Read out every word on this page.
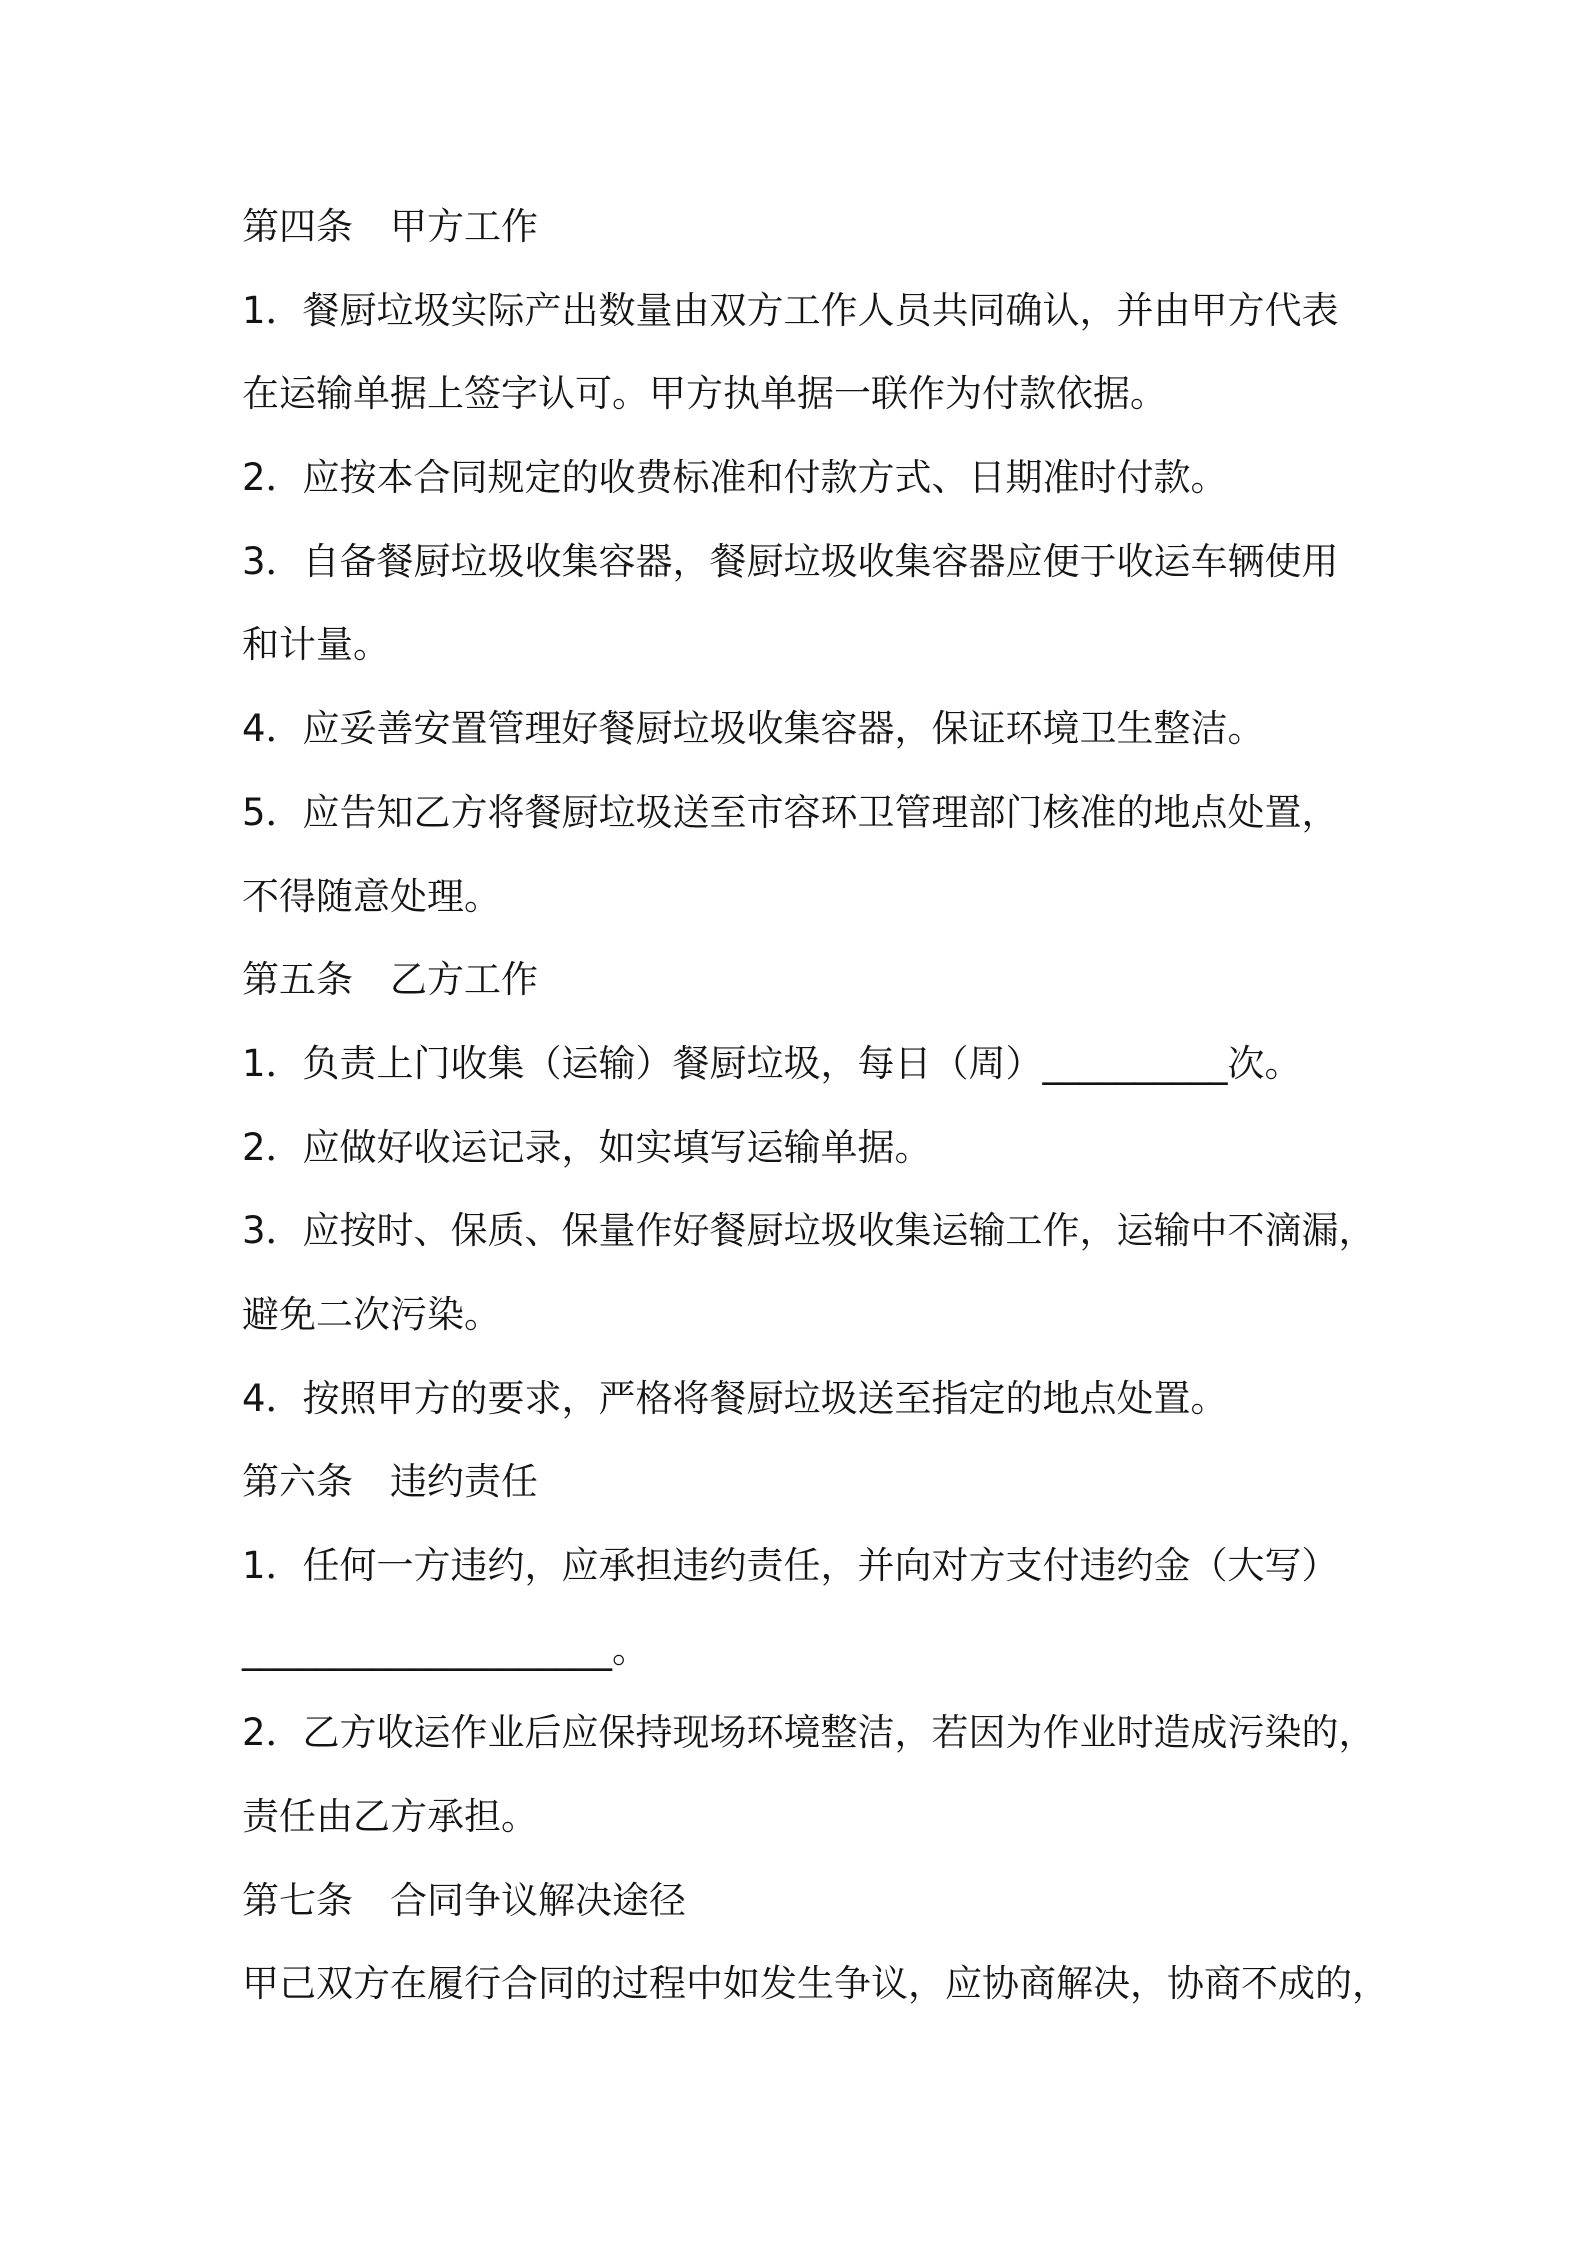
第四条　甲方工作
1．餐厨垃圾实际产出数量由双方工作人员共同确认，并由甲方代表
在运输单据上签字认可。甲方执单据一联作为付款依据。
2．应按本合同规定的收费标准和付款方式、日期准时付款。
3．自备餐厨垃圾收集容器，餐厨垃圾收集容器应便于收运车辆使用
和计量。
4．应妥善安置管理好餐厨垃圾收集容器，保证环境卫生整洁。
5．应告知乙方将餐厨垃圾送至市容环卫管理部门核准的地点处置，
不得随意处理。
第五条　乙方工作
1．负责上门收集（运输）餐厨垃圾，每日（周）__________次。
2．应做好收运记录，如实填写运输单据。
3．应按时、保质、保量作好餐厨垃圾收集运输工作，运输中不滴漏，
避免二次污染。
4．按照甲方的要求，严格将餐厨垃圾送至指定的地点处置。
第六条　违约责任
1．任何一方违约，应承担违约责任，并向对方支付违约金（大写）
____________________。
2．乙方收运作业后应保持现场环境整洁，若因为作业时造成污染的，
责任由乙方承担。
第七条　合同争议解决途径
甲己双方在履行合同的过程中如发生争议，应协商解决，协商不成的，
